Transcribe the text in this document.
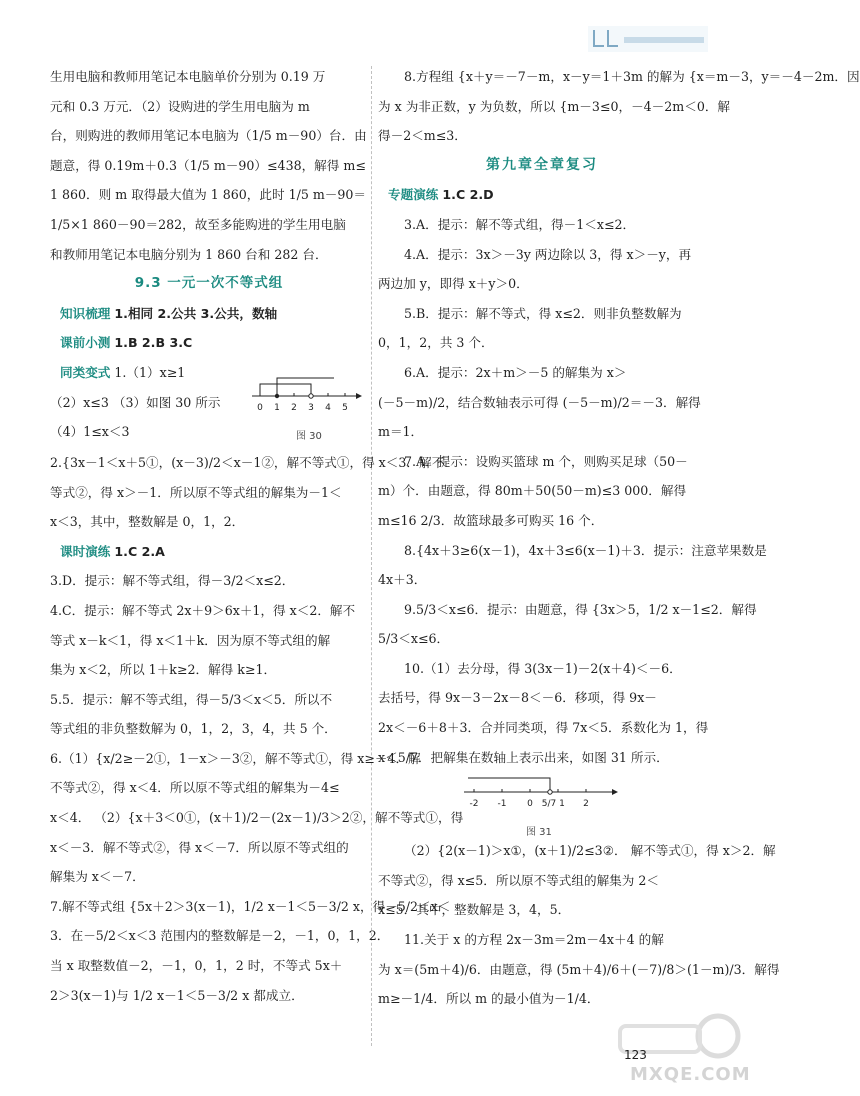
生用电脑和教师用笔记本电脑单价分别为 0.19 万
元和 0.3 万元．（2）设购进的学生用电脑为 m
台，则购进的教师用笔记本电脑为（1/5 m－90）台．由
题意，得 0.19m＋0.3（1/5 m－90）≤438，解得 m≤
1 860．则 m 取得最大值为 1 860，此时 1/5 m－90＝
1/5×1 860－90＝282，故至多能购进的学生用电脑
和教师用笔记本电脑分别为 1 860 台和 282 台．
9.3 一元一次不等式组
知识梳理 1.相同 2.公共 3.公共，数轴
课前小测 1.B 2.B 3.C
同类变式 1.（1）x≥1
（2）x≤3 （3）如图 30 所示
（4）1≤x＜3
0 1 2 3 4 5
图 30
2.{3x－1＜x＋5①，(x－3)/2＜x－1②，解不等式①，得 x＜3．解不
等式②，得 x＞－1．所以原不等式组的解集为－1＜
x＜3，其中，整数解是 0，1，2．
课时演练 1.C 2.A
3.D．提示：解不等式组，得－3/2＜x≤2．
4.C．提示：解不等式 2x＋9＞6x＋1，得 x＜2．解不
等式 x－k＜1，得 x＜1＋k．因为原不等式组的解
集为 x＜2，所以 1＋k≥2．解得 k≥1．
5.5．提示：解不等式组，得－5/3＜x＜5．所以不
等式组的非负整数解为 0，1，2，3，4，共 5 个．
6.（1）{x/2≥－2①，1－x＞－3②，解不等式①，得 x≥－4．解
不等式②，得 x＜4．所以原不等式组的解集为－4≤
x＜4． （2）{x＋3＜0①，(x＋1)/2－(2x－1)/3＞2②，解不等式①，得
x＜－3．解不等式②，得 x＜－7．所以原不等式组的
解集为 x＜－7．
7.解不等式组 {5x＋2＞3(x－1)，1/2 x－1＜5－3/2 x，得－5/2＜x＜
3．在－5/2＜x＜3 范围内的整数解是－2，－1，0，1，2．
当 x 取整数值－2，－1，0，1，2 时，不等式 5x＋
2＞3(x－1)与 1/2 x－1＜5－3/2 x 都成立．
8.方程组 {x＋y＝－7－m，x－y＝1＋3m 的解为 {x＝m－3，y＝－4－2m．因
为 x 为非正数，y 为负数，所以 {m－3≤0，－4－2m＜0．解
得－2＜m≤3．
第九章全章复习
专题演练 1.C 2.D
3.A．提示：解不等式组，得－1＜x≤2．
4.A．提示：3x＞－3y 两边除以 3，得 x＞－y，再
两边加 y，即得 x＋y＞0．
5.B．提示：解不等式，得 x≤2．则非负整数解为
0，1，2，共 3 个．
6.A．提示：2x＋m＞－5 的解集为 x＞
(－5－m)/2，结合数轴表示可得 (－5－m)/2＝－3．解得
m＝1．
7.A．提示：设购买篮球 m 个，则购买足球（50－
m）个．由题意，得 80m＋50(50－m)≤3 000．解得
m≤16 2/3．故篮球最多可购买 16 个．
8.{4x＋3≥6(x－1)，4x＋3≤6(x－1)＋3．提示：注意苹果数是
4x＋3．
9.5/3＜x≤6．提示：由题意，得 {3x＞5，1/2 x－1≤2．解得
5/3＜x≤6．
10.（1）去分母，得 3(3x－1)－2(x＋4)＜－6．
去括号，得 9x－3－2x－8＜－6．移项，得 9x－
2x＜－6＋8＋3．合并同类项，得 7x＜5．系数化为 1，得
x＜5/7．把解集在数轴上表示出来，如图 31 所示．
-2 -1 0 5/7 1 2
图 31
（2）{2(x－1)＞x①，(x＋1)/2≤3②． 解不等式①，得 x＞2．解
不等式②，得 x≤5．所以原不等式组的解集为 2＜
x≤5．其中，整数解是 3，4，5．
11.关于 x 的方程 2x－3m＝2m－4x＋4 的解
为 x＝(5m＋4)/6．由题意，得 (5m＋4)/6＋(－7)/8＞(1－m)/3．解得
m≥－1/4．所以 m 的最小值为－1/4．
MXQE.COM
123
